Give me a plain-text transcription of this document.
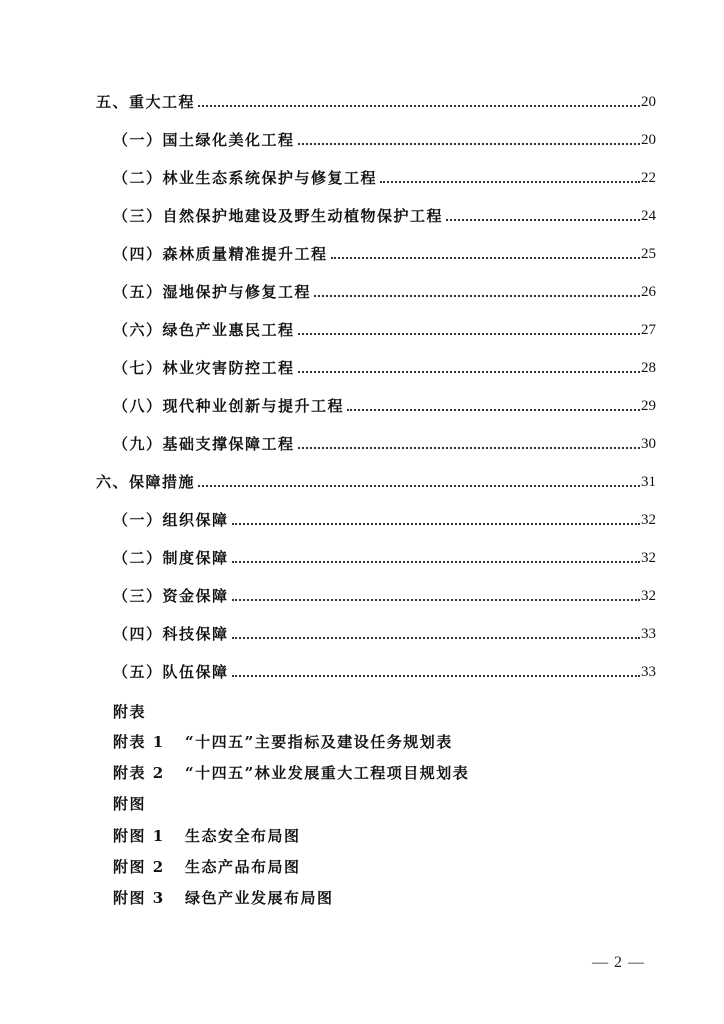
五、重大工程	20
（一）国土绿化美化工程	20
（二）林业生态系统保护与修复工程	22
（三）自然保护地建设及野生动植物保护工程	24
（四）森林质量精准提升工程	25
（五）湿地保护与修复工程	26
（六）绿色产业惠民工程	27
（七）林业灾害防控工程	28
（八）现代种业创新与提升工程	29
（九）基础支撑保障工程	30
六、保障措施	31
（一）组织保障	32
（二）制度保障	32
（三）资金保障	32
（四）科技保障	33
（五）队伍保障	33
附表
附表 1 “十四五”主要指标及建设任务规划表
附表 2 “十四五”林业发展重大工程项目规划表
附图
附图 1 生态安全布局图
附图 2 生态产品布局图
附图 3 绿色产业发展布局图
— 2 —
